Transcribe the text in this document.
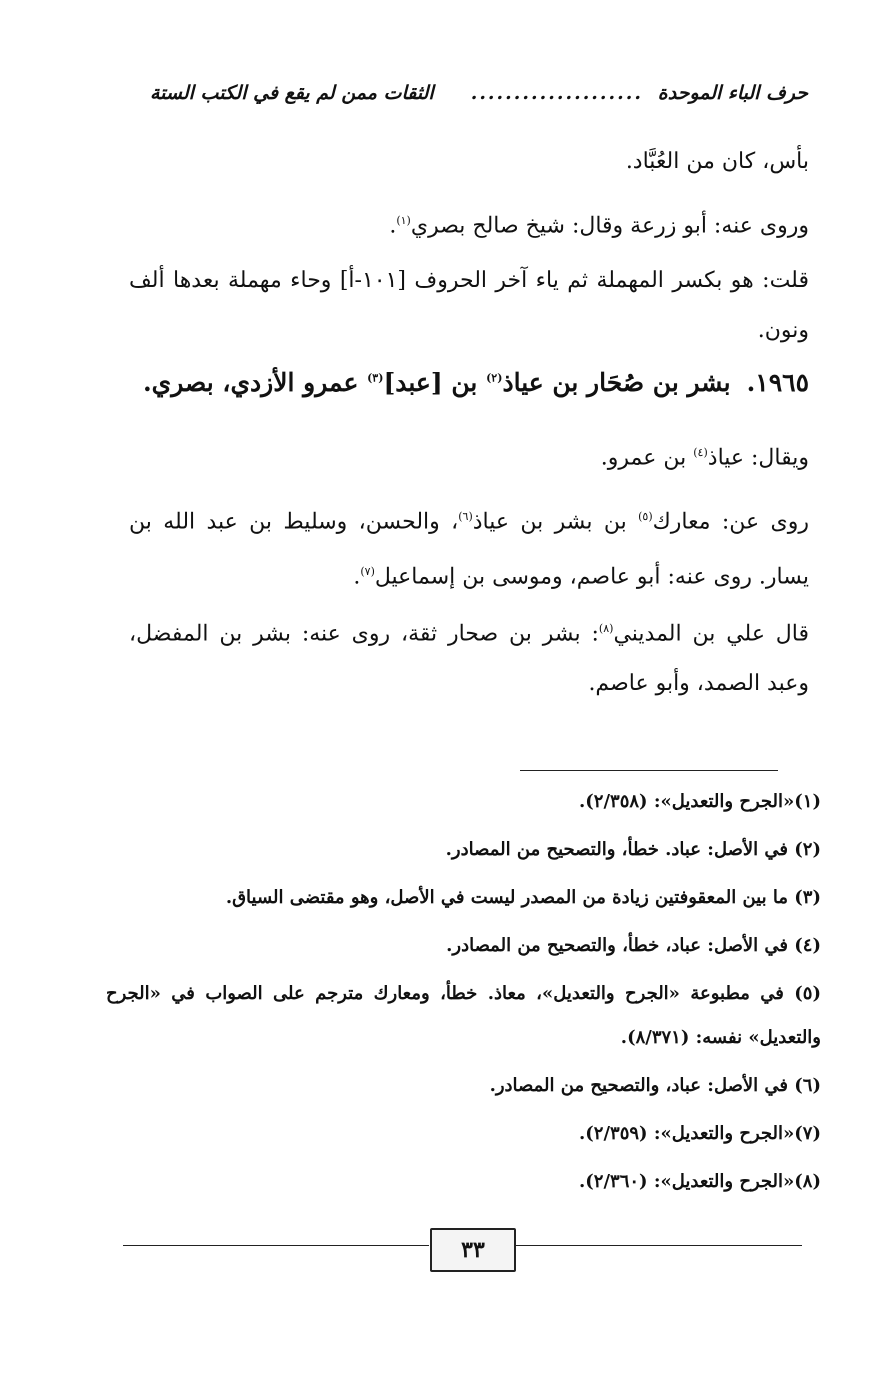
حرف الباء الموحدة
....................
الثقات ممن لم يقع في الكتب الستة
بأس، كان من العُبَّاد.
وروى عنه: أبو زرعة وقال: شيخ صالح بصري$^{(١)}$.
قلت: هو بكسر المهملة ثم ياء آخر الحروف [١٠١-أ] وحاء مهملة بعدها ألف ونون.
١٩٦٥.بشر بن صُحَار بن عياذ$^{(٢)}$ بن [عبد]$^{(٣)}$ عمرو الأزدي، بصري.
ويقال: عياذ$^{(٤)}$ بن عمرو.
روى عن: معارك$^{(٥)}$ بن بشر بن عياذ$^{(٦)}$، والحسن، وسليط بن عبد الله بن يسار. روى عنه: أبو عاصم، وموسى بن إسماعيل$^{(٧)}$.
قال علي بن المديني$^{(٨)}$: بشر بن صحار ثقة، روى عنه: بشر بن المفضل، وعبد الصمد، وأبو عاصم.
(١)«الجرح والتعديل»: (٢/٣٥٨).
(٢) في الأصل: عباد. خطأ، والتصحيح من المصادر.
(٣) ما بين المعقوفتين زيادة من المصدر ليست في الأصل، وهو مقتضى السياق.
(٤) في الأصل: عباد، خطأ، والتصحيح من المصادر.
(٥) في مطبوعة «الجرح والتعديل»، معاذ. خطأ، ومعارك مترجم على الصواب في «الجرح والتعديل» نفسه: (٨/٣٧١).
(٦) في الأصل: عباد، والتصحيح من المصادر.
(٧)«الجرح والتعديل»: (٢/٣٥٩).
(٨)«الجرح والتعديل»: (٢/٣٦٠).
٣٣
